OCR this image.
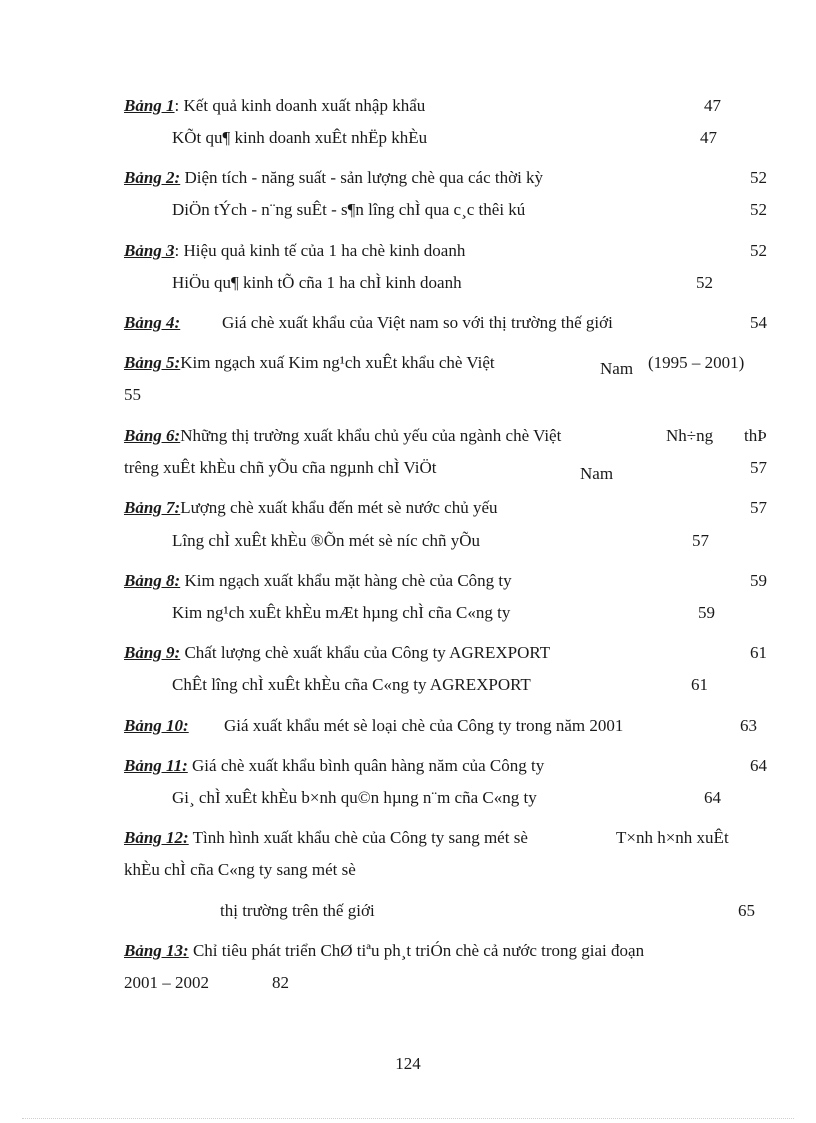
Bảng 1: Kết quả kinh doanh xuất nhập khẩu	47
KÕt qu¶ kinh doanh xuÊt nhËp khÈu	47
Bảng 2: Diện tích - năng suất - sản lượng chè qua các thời kỳ	52
DiÖn tÝch - n¨ng suÊt - s¶n lîng chÌ qua c¸c thêi kú	52
Bảng 3: Hiệu quả kinh tế của 1 ha chè kinh doanh	52
HiÖu qu¶ kinh tÕ cña 1 ha chÌ kinh doanh	52
Bảng 4: Giá chè xuất khẩu của Việt nam so với thị trường thế giới	54
Bảng 5:Kim ngạch xuấ Kim ng¹ch xuÊt khẩu chè Việt	Nam (1995 – 2001)
55
Bảng 6:Những thị trường xuất khẩu chủ yếu của ngành chè Việt	Nh÷ng thÞ
trêng xuÊt khÈu chñ yÕu cña ngµnh chÌ ViÖt	Nam	57
Bảng 7:Lượng chè xuất khẩu đến mét sè nước chủ yếu	57
Lîng chÌ xuÊt khÈu ®Õn mét sè níc chñ yÕu	57
Bảng 8: Kim ngạch xuất khẩu mặt hàng chè của Công ty	59
Kim ng¹ch xuÊt khÈu mÆt hµng chÌ cña C«ng ty	59
Bảng 9: Chất lượng chè xuất khẩu của Công ty AGREXPORT	61
ChÊt lîng chÌ xuÊt khÈu cña C«ng ty AGREXPORT	61
Bảng 10: Giá xuất khẩu mét sè loại chè của Công ty trong năm 2001	63
Bảng 11: Giá chè xuất khẩu bình quân hàng năm của Công ty	64
Gi¸ chÌ xuÊt khÈu b×nh qu©n hµng n¨m cña C«ng ty	64
Bảng 12: Tình hình xuất khẩu chè của Công ty sang mét sè	T×nh h×nh xuÊt
khÈu chÌ cña C«ng ty sang mét sè
thị trường trên thế giới	65
Bảng 13: Chỉ tiêu phát triển ChØ tiªu ph¸t triÓn chè cả nước trong giai đoạn
2001 – 2002	82
124
